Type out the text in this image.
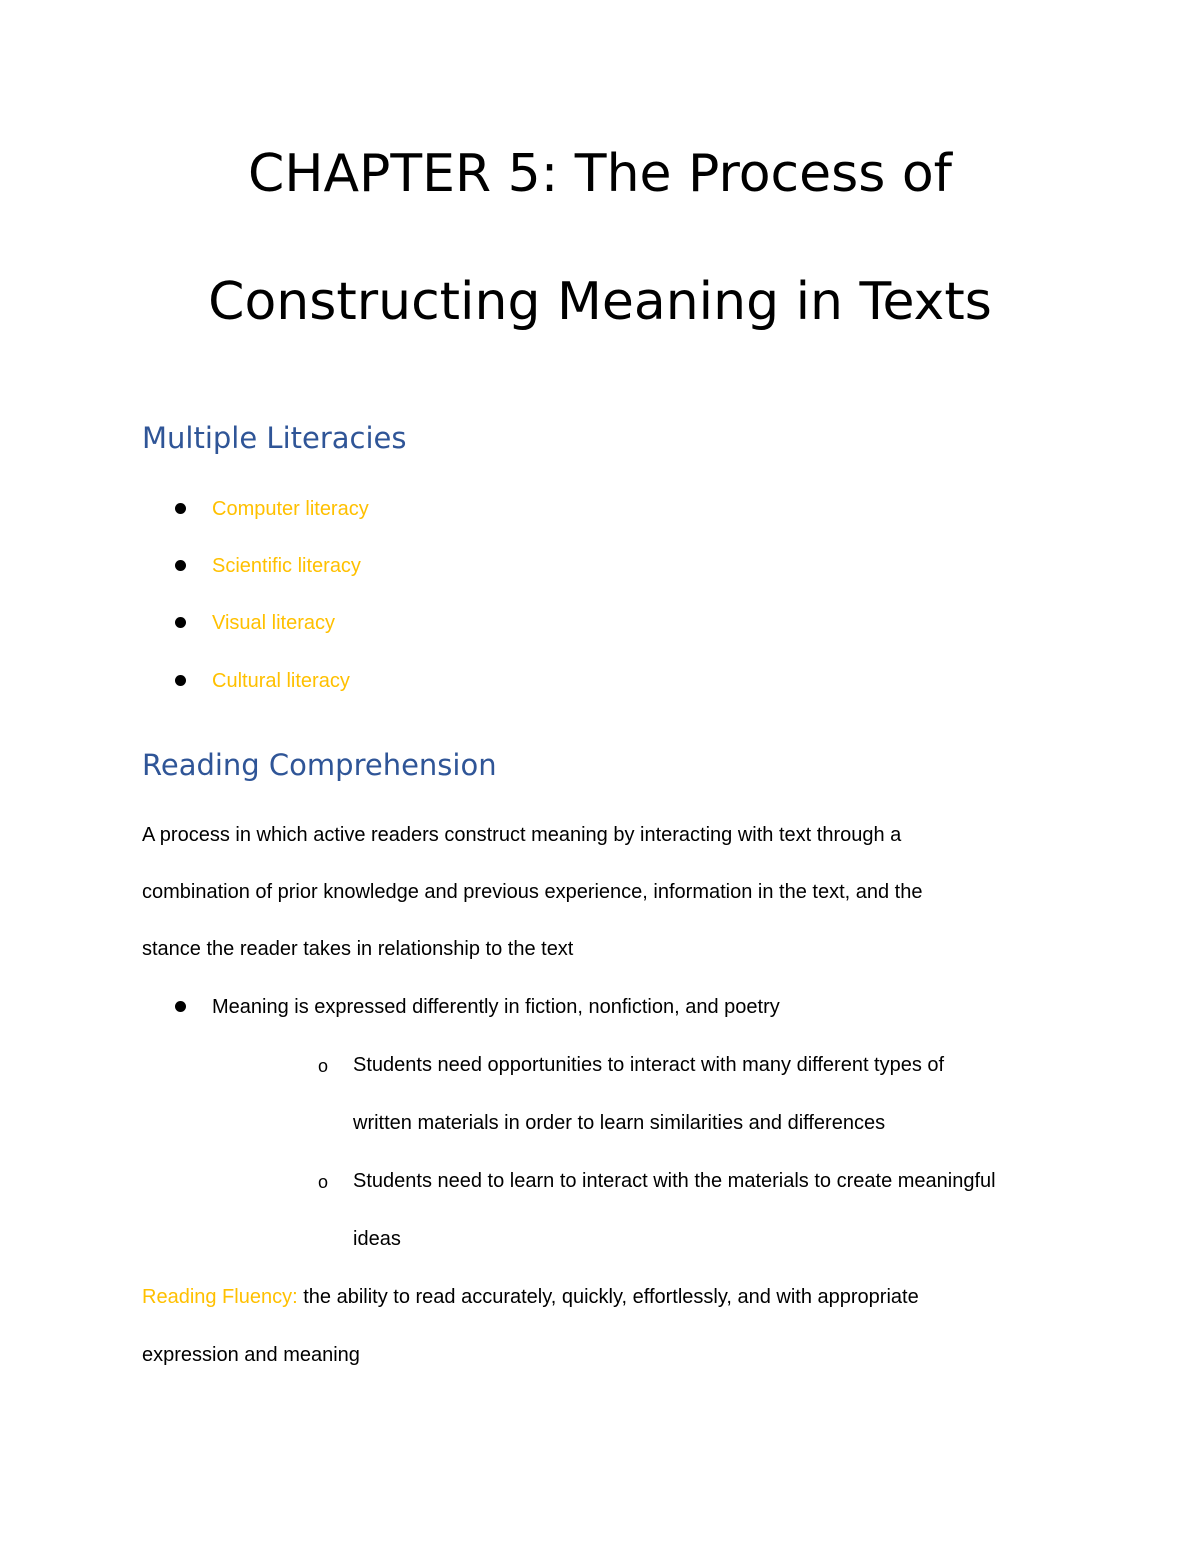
CHAPTER 5: The Process of
Constructing Meaning in Texts
Multiple Literacies
Computer literacy
Scientific literacy
Visual literacy
Cultural literacy
Reading Comprehension
A process in which active readers construct meaning by interacting with text through a
combination of prior knowledge and previous experience, information in the text, and the
stance the reader takes in relationship to the text
Meaning is expressed differently in fiction, nonfiction, and poetry
o Students need opportunities to interact with many different types of
written materials in order to learn similarities and differences
o Students need to learn to interact with the materials to create meaningful
ideas
Reading Fluency: the ability to read accurately, quickly, effortlessly, and with appropriate
expression and meaning
